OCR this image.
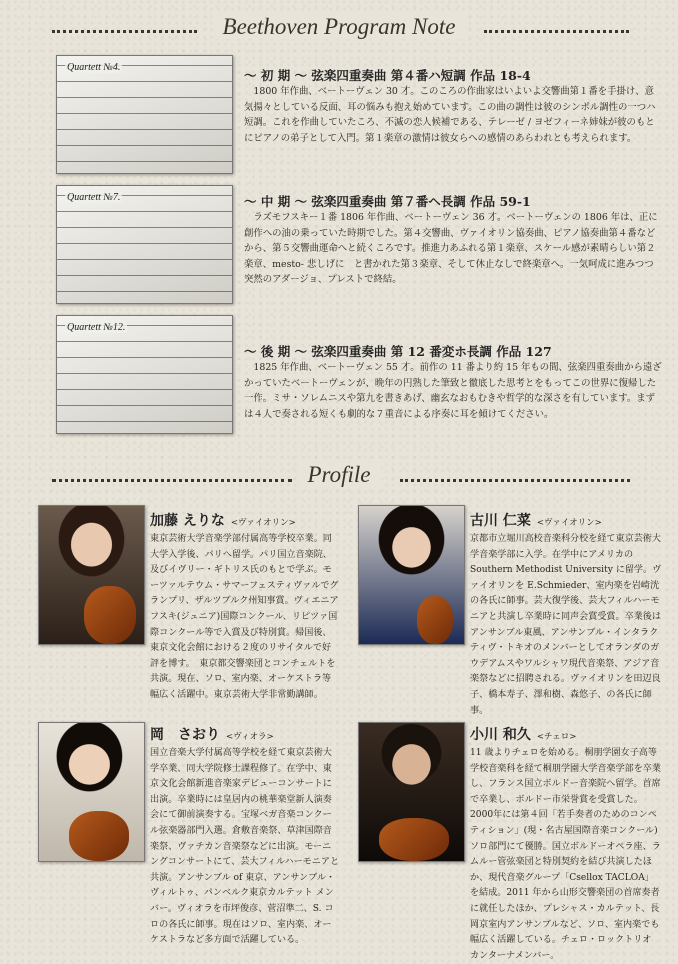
Beethoven Program Note
Quartett №4.
～ 初 期 ～ 弦楽四重奏曲 第４番ハ短調 作品 18-4
1800 年作曲、ベートーヴェン 30 才。このころの作曲家はいよいよ交響曲第１番を手掛け、意気揚々としている反面、耳の悩みも抱え始めています。この曲の調性は彼のシンボル調性の一つハ短調。これを作曲していたころ、不滅の恋人候補である、テレーゼ / ヨゼフィーネ姉妹が彼のもとにピアノの弟子として入門。第１楽章の激情は彼女らへの感情のあらわれとも考えられます。
Quartett №7.	～ 中 期 ～ 弦楽四重奏曲 第７番ヘ長調 作品 59-1
ラズモフスキー１番 1806 年作曲、ベートーヴェン 36 才。ベートーヴェンの 1806 年は、正に創作への油の乗っていた時期でした。第４交響曲、ヴァイオリン協奏曲、ピアノ協奏曲第４番などから、第５交響曲運命へと続くころです。推進力あふれる第１楽章、スケール感が素晴らしい第２楽章、mesto- 悲しげに　と書かれた第３楽章、そして休止なしで終楽章へ。一気呵成に進みつつ突然のアダージョ、プレストで終結。
Quartett №12.
～ 後 期 ～ 弦楽四重奏曲 第 12 番変ホ長調 作品 127
1825 年作曲、ベートーヴェン 55 才。前作の 11 番より約 15 年もの間、弦楽四重奏曲から遠ざかっていたベートーヴェンが、晩年の円熟した筆致と徹底した思考とをもってこの世界に復帰した一作。ミサ・ソレムニスや第九を書きあげ、幽玄なおもむきや哲学的な深さを有しています。まずは４人で奏される短くも劇的な７重音による序奏に耳を傾けてください。
Profile
加藤 えりな <ヴァイオリン>
東京芸術大学音楽学部付属高等学校卒業。同大学入学後、パリへ留学。パリ国立音楽院、及びイヴリー・ギトリス氏のもとで学ぶ。モーツァルテウム・サマーフェスティヴァルでグランプリ、ザルツブルク州知事賞。ヴィエニアフスキ(ジュニア)国際コンクール、リピツァ国際コンクール等で入賞及び特別賞。帰国後、東京文化会館における２度のリサイタルで好評を博す。　東京都交響楽団とコンチェルトを共演。現在、ソロ、室内楽、オーケストラ等幅広く活躍中。東京芸術大学非常勤講師。
古川 仁菜 <ヴァイオリン>
京都市立堀川高校音楽科分校を経て東京芸術大学音楽学部に入学。在学中にアメリカの Southern Methodist University に留学。ヴァイオリンを E.Schmieder、室内楽を岩崎洸の各氏に師事。芸大復学後、芸大フィルハーモニアと共演し卒業時に同声会賞受賞。卒業後はアンサンブル東風、アンサンブル・インタラクティヴ・トキオのメンバーとしてオランダのガウデアムスやワルシャワ現代音楽祭、アジア音楽祭などに招聘される。ヴァイオリンを田辺良子、橋本寿子、澤和樹、森悠子、の各氏に師事。
岡　さおり <ヴィオラ>
国立音楽大学付属高等学校を経て東京芸術大学卒業、同大学院修士課程修了。在学中、東京文化会館新進音楽家デビューコンサートに出演。卒業時には皇居内の桃華楽堂新人演奏会にて御前演奏する。宝塚ベガ音楽コンクール弦楽器部門入選。倉敷音楽祭、草津国際音楽祭、ヴァチカン音楽祭などに出演。モーニングコンサートにて、芸大フィルハーモニアと共演。アンサンブル of 東京、アンサンブル・ヴィルトゥ、パンベルク東京カルテット メンバー。ヴィオラを市坪俊彦、菅沼準二、S. コロの各氏に師事。現在はソロ、室内楽、オーケストラなど多方面で活躍している。
小川 和久 <チェロ>
11 歳よりチェロを始める。桐朋学園女子高等学校音楽科を経て桐朋学園大学音楽学部を卒業し、フランス国立ボルドー音楽院へ留学。首席で卒業し、ボルドー市栄誉賞を受賞した。2000年には第４回「若手奏者のためのコンペティション」(現・名古屋国際音楽コンクール)ソロ部門にて優勝。国立ボルドーオペラ座、ラムルー管弦楽団と特別契約を結び共演したほか、現代音楽グループ「Csellox TACLOA」を結成。2011 年から山形交響楽団の首席奏者に就任したほか、プレシャス・カルテット、長岡京室内アンサンブルなど、ソロ、室内楽でも幅広く活躍している。チェロ・ロックトリオ カンターナメンバー。
